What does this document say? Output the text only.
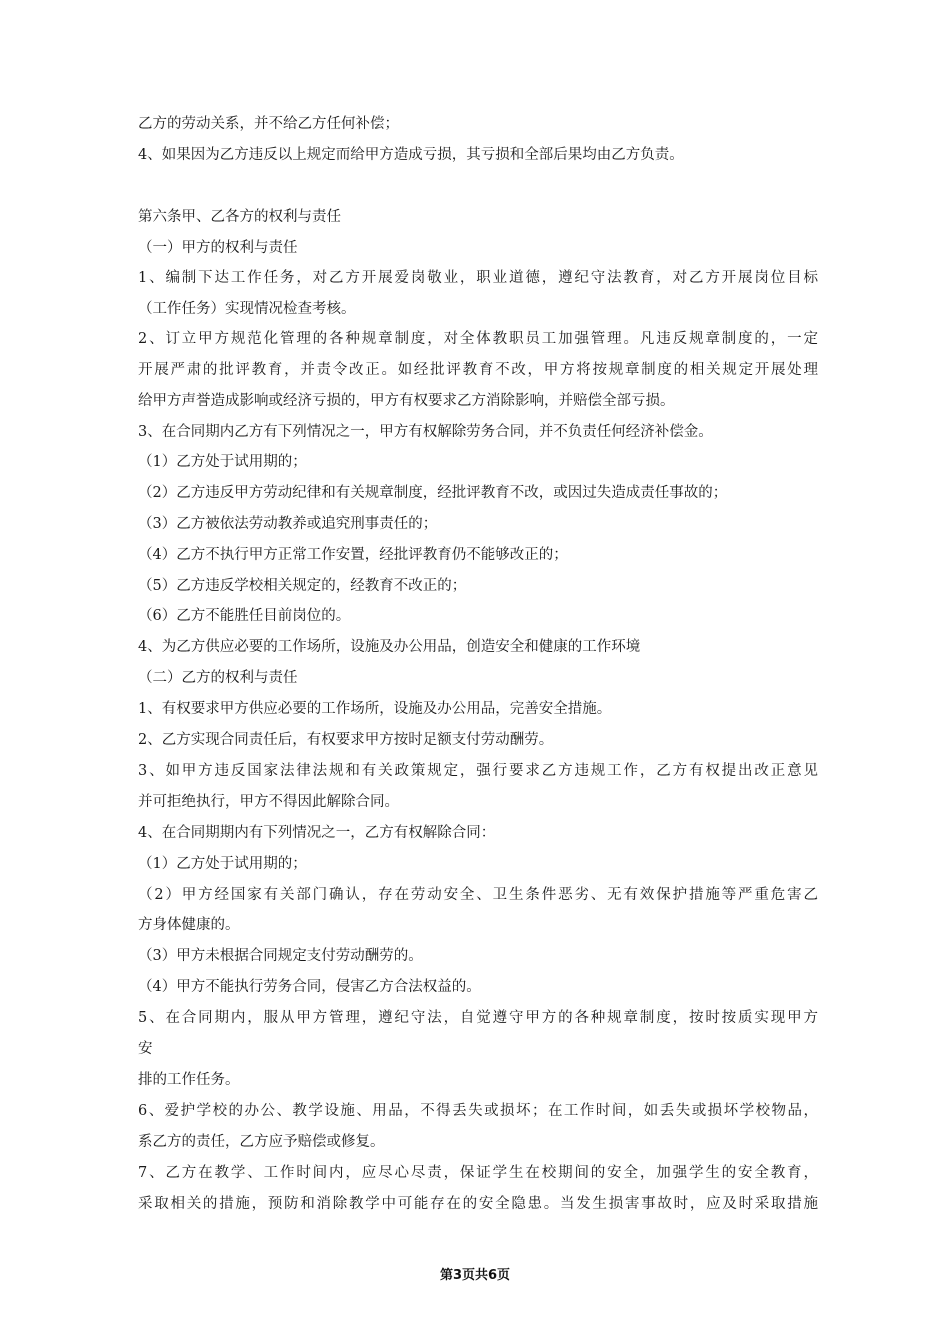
乙方的劳动关系，并不给乙方任何补偿；
4、如果因为乙方违反以上规定而给甲方造成亏损，其亏损和全部后果均由乙方负责。
第六条甲、乙各方的权利与责任
（一）甲方的权利与责任
1、编制下达工作任务，对乙方开展爱岗敬业，职业道德，遵纪守法教育，对乙方开展岗位目标
（工作任务）实现情况检查考核。
2、订立甲方规范化管理的各种规章制度，对全体教职员工加强管理。凡违反规章制度的，一定
开展严肃的批评教育，并责令改正。如经批评教育不改，甲方将按规章制度的相关规定开展处理
给甲方声誉造成影响或经济亏损的，甲方有权要求乙方消除影响，并赔偿全部亏损。
3、在合同期内乙方有下列情况之一，甲方有权解除劳务合同，并不负责任何经济补偿金。
（1）乙方处于试用期的；
（2）乙方违反甲方劳动纪律和有关规章制度，经批评教育不改，或因过失造成责任事故的；
（3）乙方被依法劳动教养或追究刑事责任的；
（4）乙方不执行甲方正常工作安置，经批评教育仍不能够改正的；
（5）乙方违反学校相关规定的，经教育不改正的；
（6）乙方不能胜任目前岗位的。
4、为乙方供应必要的工作场所，设施及办公用品，创造安全和健康的工作环境
（二）乙方的权利与责任
1、有权要求甲方供应必要的工作场所，设施及办公用品，完善安全措施。
2、乙方实现合同责任后，有权要求甲方按时足额支付劳动酬劳。
3、如甲方违反国家法律法规和有关政策规定，强行要求乙方违规工作，乙方有权提出改正意见
并可拒绝执行，甲方不得因此解除合同。
4、在合同期期内有下列情况之一，乙方有权解除合同：
（1）乙方处于试用期的；
（2）甲方经国家有关部门确认，存在劳动安全、卫生条件恶劣、无有效保护措施等严重危害乙
方身体健康的。
（3）甲方未根据合同规定支付劳动酬劳的。
（4）甲方不能执行劳务合同，侵害乙方合法权益的。
5、在合同期内，服从甲方管理，遵纪守法，自觉遵守甲方的各种规章制度，按时按质实现甲方
安
排的工作任务。
6、爱护学校的办公、教学设施、用品，不得丢失或损坏；在工作时间，如丢失或损坏学校物品，
系乙方的责任，乙方应予赔偿或修复。
7、乙方在教学、工作时间内，应尽心尽责，保证学生在校期间的安全，加强学生的安全教育，
采取相关的措施，预防和消除教学中可能存在的安全隐患。当发生损害事故时，应及时采取措施
第3页共6页
